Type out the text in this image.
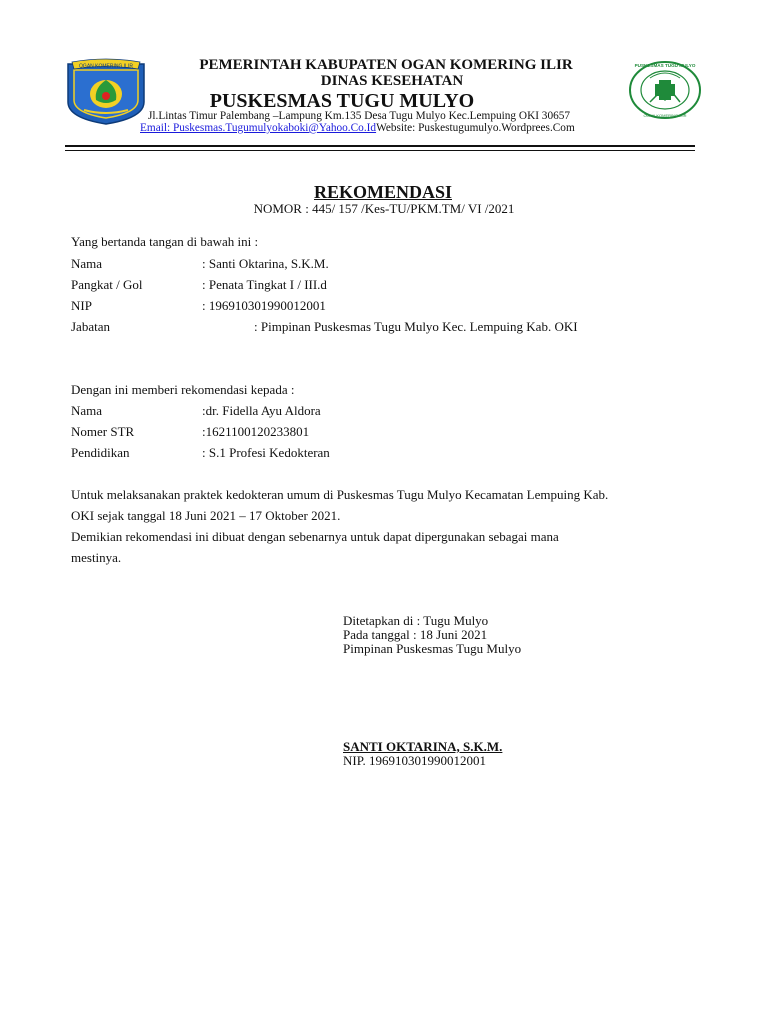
OGAN KOMERING ILIR	PUSKESMAS TUGU MULYO
OGAN KOMERING ILIR
PEMERINTAH KABUPATEN OGAN KOMERING ILIR
DINAS KESEHATAN
PUSKESMAS TUGU MULYO
Jl.Lintas Timur Palembang –Lampung Km.135 Desa Tugu Mulyo Kec.Lempuing OKI 30657
Email: Puskesmas.Tugumulyokaboki@Yahoo.Co.IdWebsite: Puskestugumulyo.Wordprees.Com
REKOMENDASI
NOMOR : 445/ 157 /Kes-TU/PKM.TM/ VI /2021
Yang bertanda tangan di bawah ini :
Nama	: Santi Oktarina, S.K.M.
Pangkat / Gol	: Penata Tingkat I / III.d
NIP	: 196910301990012001
Jabatan	: Pimpinan Puskesmas Tugu Mulyo Kec. Lempuing Kab. OKI
Dengan ini memberi rekomendasi kepada :
Nama	:dr. Fidella Ayu Aldora
Nomer STR	:1621100120233801
Pendidikan	: S.1 Profesi Kedokteran
Untuk melaksanakan praktek kedokteran umum di Puskesmas Tugu Mulyo Kecamatan Lempuing Kab.
OKI sejak tanggal 18 Juni 2021 – 17 Oktober 2021.
Demikian rekomendasi ini dibuat dengan sebenarnya untuk dapat dipergunakan sebagai mana
mestinya.
Ditetapkan di : Tugu Mulyo
Pada tanggal : 18 Juni 2021
Pimpinan Puskesmas Tugu Mulyo
SANTI OKTARINA, S.K.M.
NIP. 196910301990012001
